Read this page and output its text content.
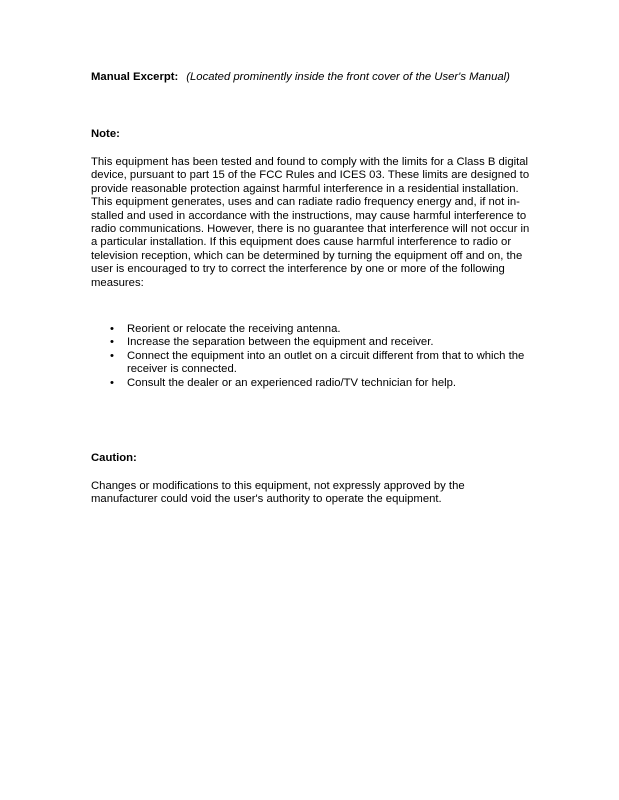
Manual Excerpt: (Located prominently inside the front cover of the User's Manual)
Note:

This equipment has been tested and found to comply with the limits for a Class B digital device, pursuant to part 15 of the FCC Rules and ICES 03. These limits are designed to provide reasonable protection against harmful interference in a residential installation. This equipment generates, uses and can radiate radio frequency energy and, if not in-stalled and used in accordance with the instructions, may cause harmful interference to radio communications. However, there is no guarantee that interference will not occur in a particular installation. If this equipment does cause harmful interference to radio or television reception, which can be determined by turning the equipment off and on, the user is encouraged to try to correct the interference by one or more of the following measures:

• Reorient or relocate the receiving antenna.
• Increase the separation between the equipment and receiver.
• Connect the equipment into an outlet on a circuit different from that to which the receiver is connected.
• Consult the dealer or an experienced radio/TV technician for help.
Caution:

Changes or modifications to this equipment, not expressly approved by the manufacturer could void the user's authority to operate the equipment.
